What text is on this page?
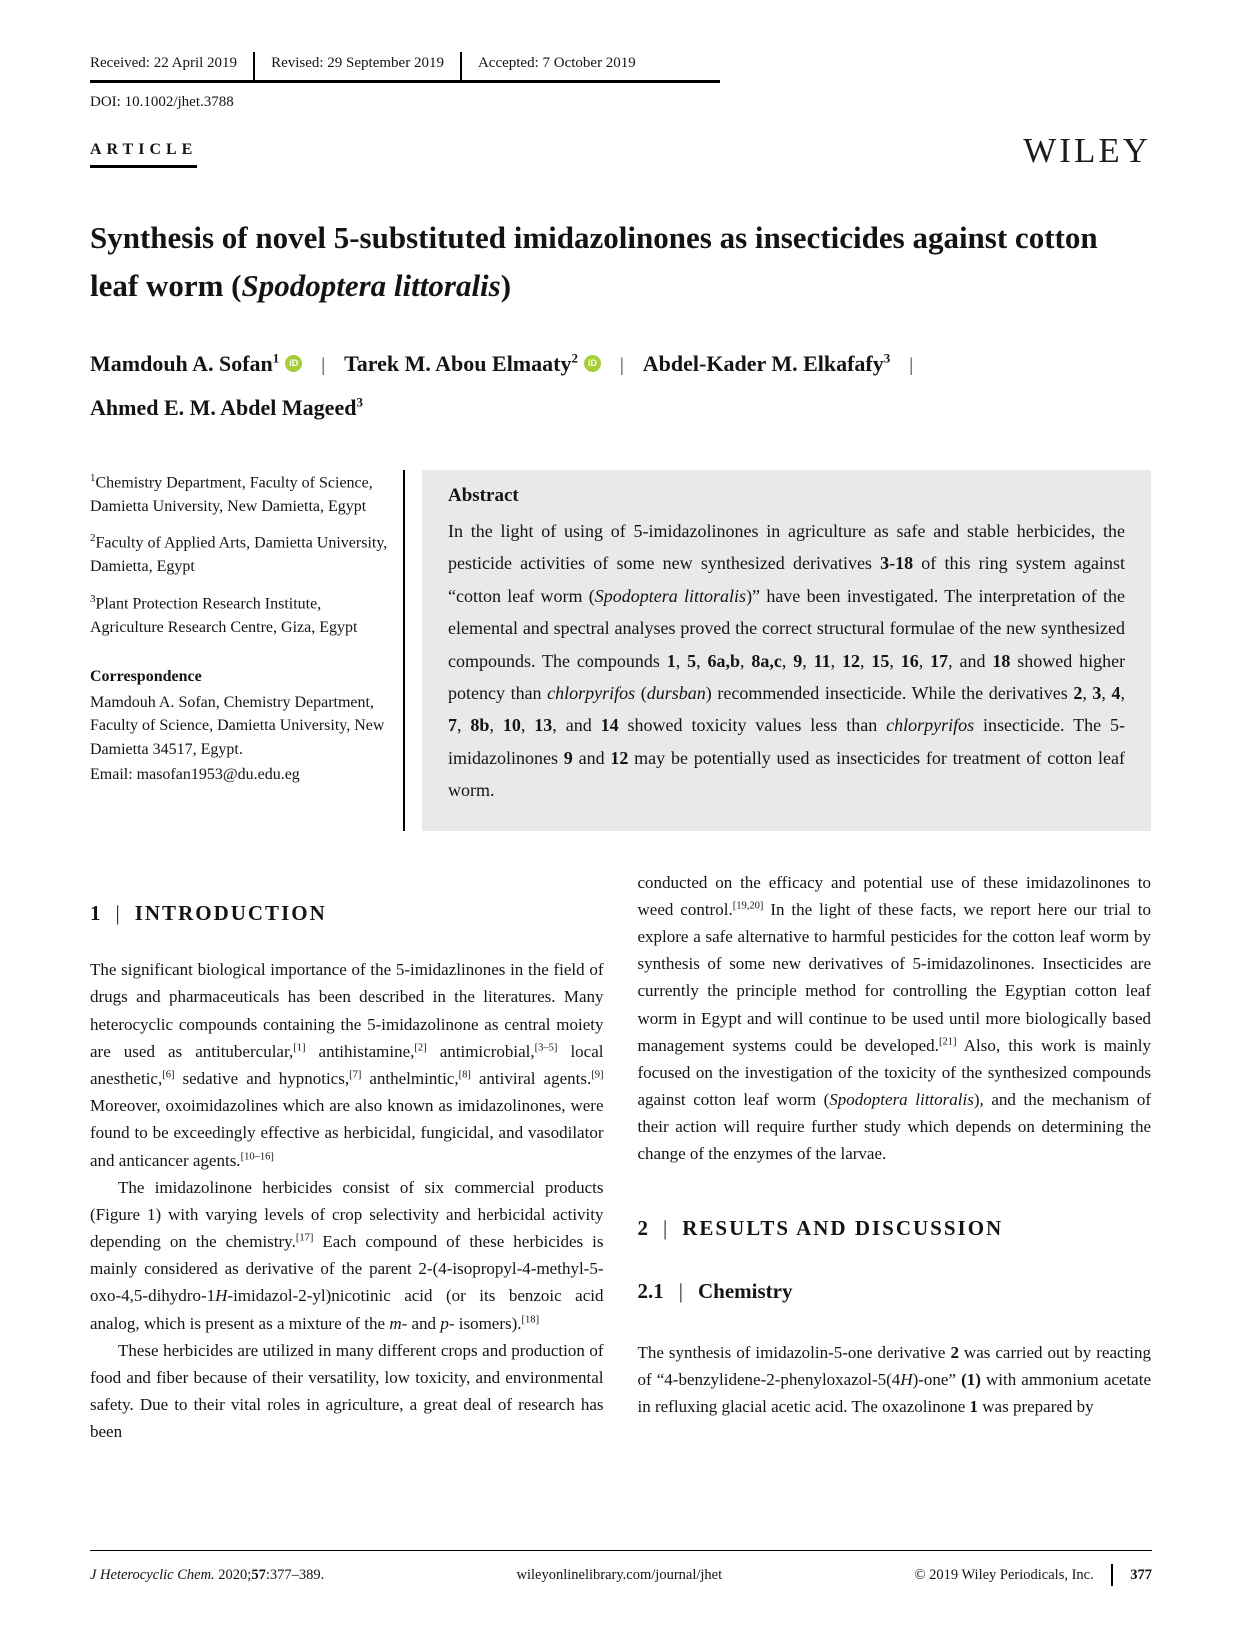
Received: 22 April 2019 Revised: 29 September 2019 Accepted: 7 October 2019
DOI: 10.1002/jhet.3788
ARTICLE	WILEY
Synthesis of novel 5-substituted imidazolinones as insecticides against cotton leaf worm (Spodoptera littoralis)
Mamdouh A. Sofan$^1$ iD | Tarek M. Abou Elmaaty$^2$ iD | Abdel-Kader M. Elkafafy$^3$ |
Ahmed E. M. Abdel Mageed$^3$

$^1$Chemistry Department, Faculty of Science, Damietta University, New Damietta, Egypt

$^2$Faculty of Applied Arts, Damietta University, Damietta, Egypt

$^3$Plant Protection Research Institute, Agriculture Research Centre, Giza, Egypt

Correspondence

Mamdouh A. Sofan, Chemistry Department, Faculty of Science, Damietta University, New Damietta 34517, Egypt.

Email: masofan1953@du.edu.eg

Abstract

In the light of using of 5-imidazolinones in agriculture as safe and stable herbicides, the pesticide activities of some new synthesized derivatives 3-18 of this ring system against “cotton leaf worm (Spodoptera littoralis)” have been investigated. The interpretation of the elemental and spectral analyses proved the correct structural formulae of the new synthesized compounds. The compounds 1, 5, 6a,b, 8a,c, 9, 11, 12, 15, 16, 17, and 18 showed higher potency than chlorpyrifos (dursban) recommended insecticide. While the derivatives 2, 3, 4, 7, 8b, 10, 13, and 14 showed toxicity values less than chlorpyrifos insecticide. The 5-imidazolinones 9 and 12 may be potentially used as insecticides for treatment of cotton leaf worm.

1 | INTRODUCTION

The significant biological importance of the 5-imidazlinones in the field of drugs and pharmaceuticals has been described in the literatures. Many heterocyclic compounds containing the 5-imidazolinone as central moiety are used as antitubercular,[1] antihistamine,[2] antimicrobial,[3–5] local anesthetic,[6] sedative and hypnotics,[7] anthelmintic,[8] antiviral agents.[9] Moreover, oxoimidazolines which are also known as imidazolinones, were found to be exceedingly effective as herbicidal, fungicidal, and vasodilator and anticancer agents.[10–16]

The imidazolinone herbicides consist of six commercial products (Figure 1) with varying levels of crop selectivity and herbicidal activity depending on the chemistry.[17] Each compound of these herbicides is mainly considered as derivative of the parent 2-(4-isopropyl-4-methyl-5-oxo-4,5-dihydro-1H-imidazol-2-yl)nicotinic acid (or its benzoic acid analog, which is present as a mixture of the m- and p- isomers).[18]

These herbicides are utilized in many different crops and production of food and fiber because of their versatility, low toxicity, and environmental safety. Due to their vital roles in agriculture, a great deal of research has been

conducted on the efficacy and potential use of these imidazolinones to weed control.[19,20] In the light of these facts, we report here our trial to explore a safe alternative to harmful pesticides for the cotton leaf worm by synthesis of some new derivatives of 5-imidazolinones. Insecticides are currently the principle method for controlling the Egyptian cotton leaf worm in Egypt and will continue to be used until more biologically based management systems could be developed.[21] Also, this work is mainly focused on the investigation of the toxicity of the synthesized compounds against cotton leaf worm (Spodoptera littoralis), and the mechanism of their action will require further study which depends on determining the change of the enzymes of the larvae.

2 | RESULTS AND DISCUSSION
2.1 | Chemistry

The synthesis of imidazolin-5-one derivative 2 was carried out by reacting of “4-benzylidene-2-phenyloxazol-5(4H)-one” (1) with ammonium acetate in refluxing glacial acetic acid. The oxazolinone 1 was prepared by

J Heterocyclic Chem. 2020;57:377–389.	wileyonlinelibrary.com/journal/jhet	© 2019 Wiley Periodicals, Inc.	377
